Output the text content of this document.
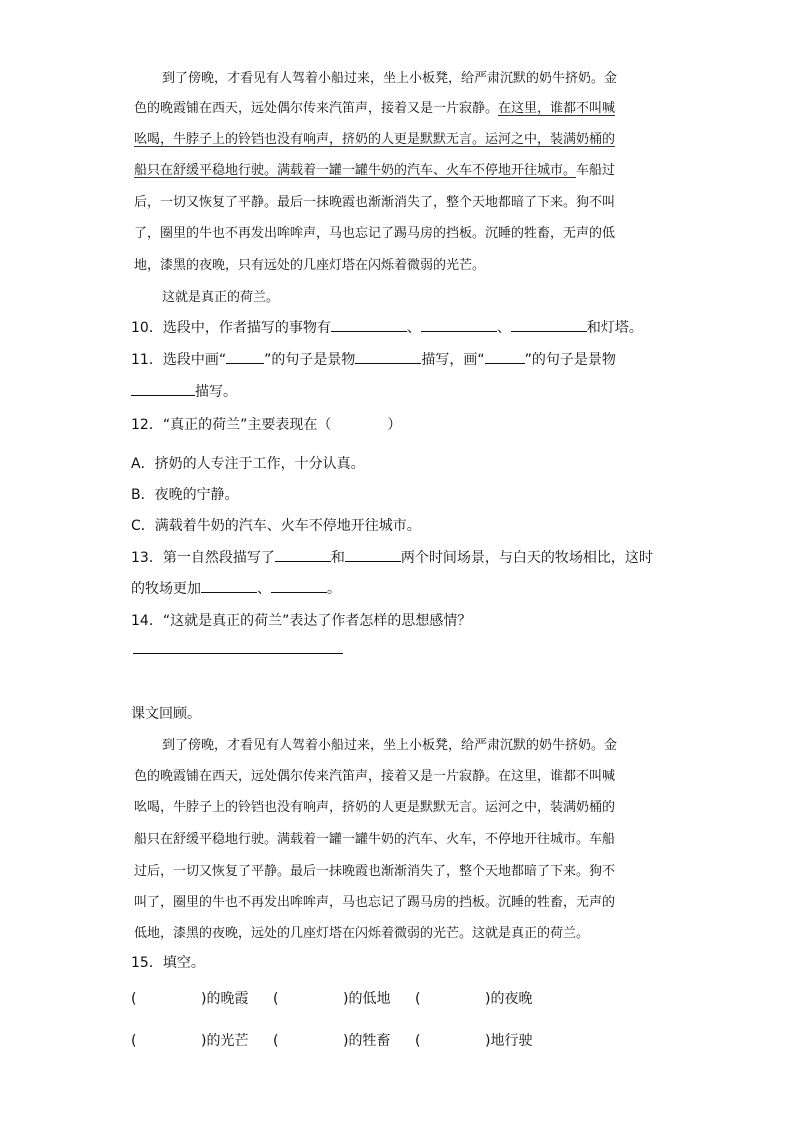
到了傍晚，才看见有人驾着小船过来，坐上小板凳，给严肃沉默的奶牛挤奶。金
色的晚霞铺在西天，远处偶尔传来汽笛声，接着又是一片寂静。在这里，谁都不叫喊
吆喝，牛脖子上的铃铛也没有响声，挤奶的人更是默默无言。运河之中，装满奶桶的
船只在舒缓平稳地行驶。满载着一罐一罐牛奶的汽车、火车不停地开往城市。车船过
后，一切又恢复了平静。最后一抹晚霞也渐渐消失了，整个天地都暗了下来。狗不叫
了，圈里的牛也不再发出哞哞声，马也忘记了踢马房的挡板。沉睡的牲畜，无声的低
地，漆黑的夜晚，只有远处的几座灯塔在闪烁着微弱的光芒。
这就是真正的荷兰。
10．选段中，作者描写的事物有	、	、	和灯塔。
11．选段中画“	”的句子是景物	描写，画“	”的句子是景物
描写。
12．“真正的荷兰”主要表现在（　　　　）
A．挤奶的人专注于工作，十分认真。
B．夜晚的宁静。
C．满载着牛奶的汽车、火车不停地开往城市。
13．第一自然段描写了	和	两个时间场景，与白天的牧场相比，这时
的牧场更加	、	。
14．“这就是真正的荷兰”表达了作者怎样的思想感情？
课文回顾。
到了傍晚，才看见有人驾着小船过来，坐上小板凳，给严肃沉默的奶牛挤奶。金
色的晚霞铺在西天，远处偶尔传来汽笛声，接着又是一片寂静。在这里，谁都不叫喊
吆喝，牛脖子上的铃铛也没有响声，挤奶的人更是默默无言。运河之中，装满奶桶的
船只在舒缓平稳地行驶。满载着一罐一罐牛奶的汽车、火车，不停地开往城市。车船
过后，一切又恢复了平静。最后一抹晚霞也渐渐消失了，整个天地都暗了下来。狗不
叫了，圈里的牛也不再发出哞哞声，马也忘记了踢马房的挡板。沉睡的牲畜，无声的
低地，漆黑的夜晚，远处的几座灯塔在闪烁着微弱的光芒。这就是真正的荷兰。
15．填空。
(	)的晚霞 (	)的低地 (	)的夜晚
(	)的光芒 (	)的牲畜 (	)地行驶
